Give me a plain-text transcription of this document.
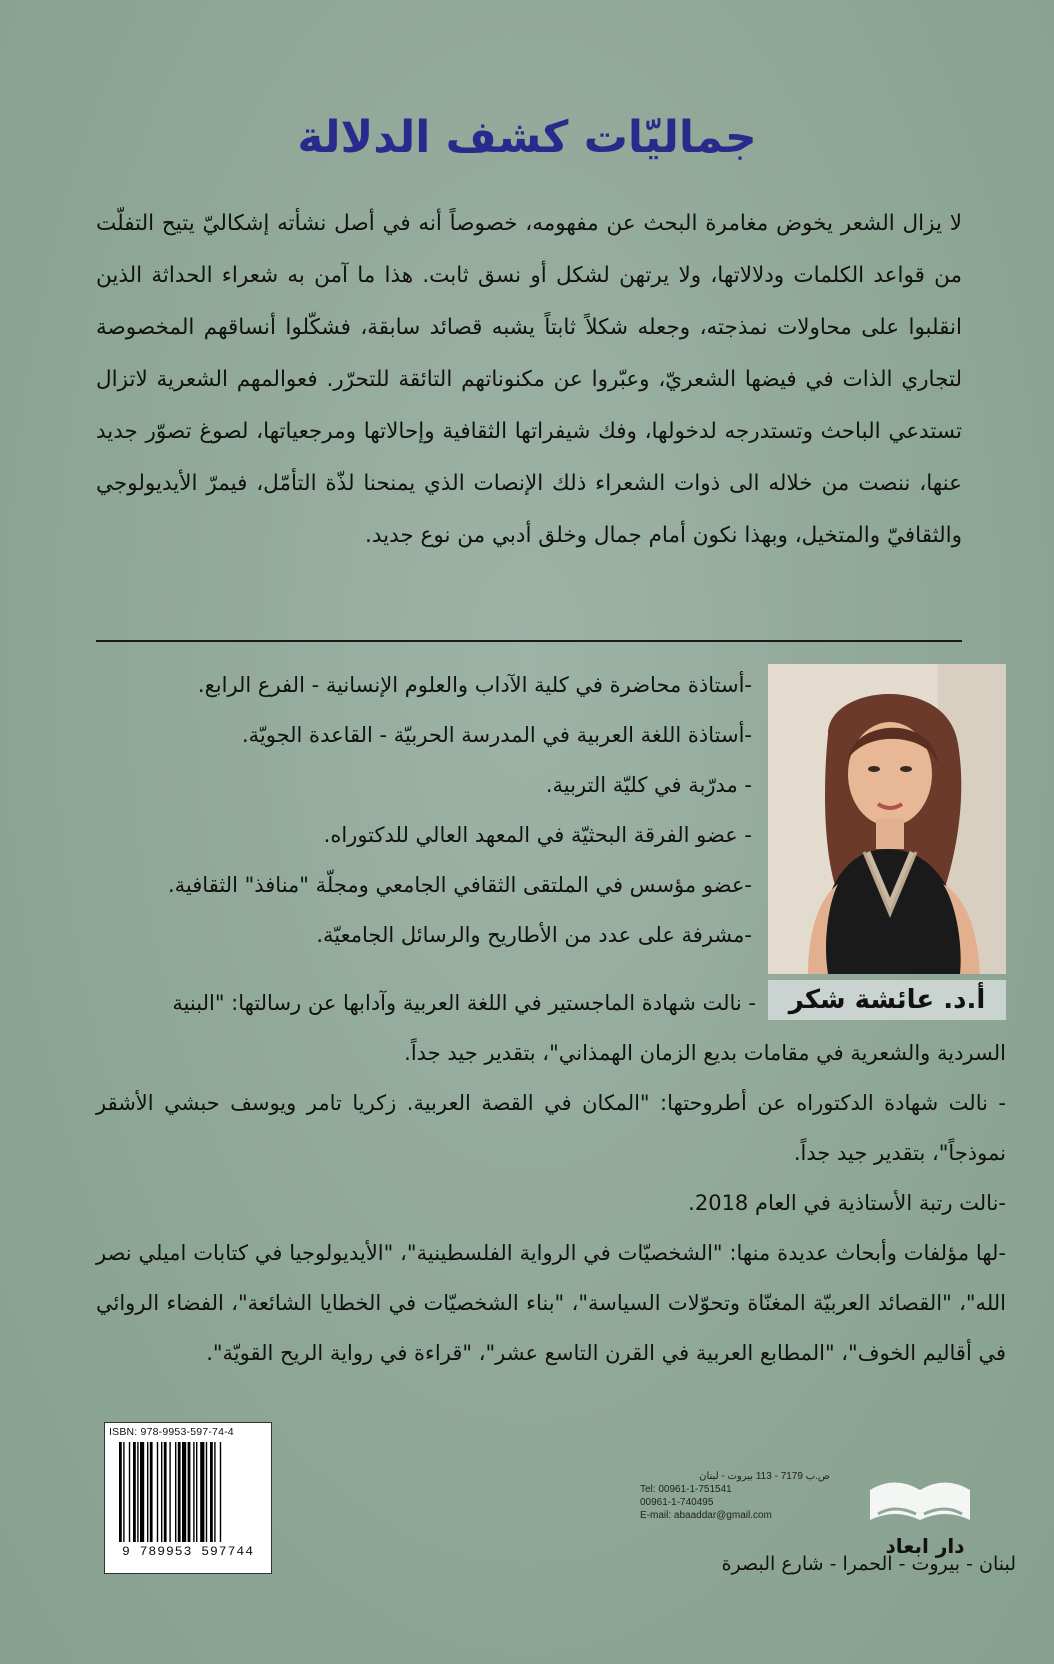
جماليّات كشف الدلالة
لا يزال الشعر يخوض مغامرة البحث عن مفهومه، خصوصاً أنه في أصل نشأته إشكاليّ يتيح التفلّت من قواعد الكلمات ودلالاتها، ولا يرتهن لشكل أو نسق ثابت. هذا ما آمن به شعراء الحداثة الذين انقلبوا على محاولات نمذجته، وجعله شكلاً ثابتاً يشبه قصائد سابقة، فشكّلوا أنساقهم المخصوصة لتجاري الذات في فيضها الشعريّ، وعبّروا عن مكنوناتهم التائقة للتحرّر. فعوالمهم الشعرية لاتزال تستدعي الباحث وتستدرجه لدخولها، وفك شيفراتها الثقافية وإحالاتها ومرجعياتها، لصوغ تصوّر جديد عنها، ننصت من خلاله الى ذوات الشعراء ذلك الإنصات الذي يمنحنا لذّة التأمّل، فيمرّ الأيديولوجي والثقافيّ والمتخيل، وبهذا نكون أمام جمال وخلق أدبي من نوع جديد.
-أستاذة محاضرة في كلية الآداب والعلوم الإنسانية - الفرع الرابع.
-أستاذة اللغة العربية في المدرسة الحربيّة - القاعدة الجويّة.
- مدرّبة في كليّة التربية.
- عضو الفرقة البحثيّة في المعهد العالي للدكتوراه.
-عضو مؤسس في الملتقى الثقافي الجامعي ومجلّة "منافذ" الثقافية.
-مشرفة على عدد من الأطاريح والرسائل الجامعيّة.
أ.د. عائشة شكر
- نالت شهادة الماجستير في اللغة العربية وآدابها عن رسالتها: "البنية

السردية والشعرية في مقامات بديع الزمان الهمذاني"، بتقدير جيد جداً.

- نالت شهادة الدكتوراه عن أطروحتها: "المكان في القصة العربية. زكريا تامر ويوسف حبشي الأشقر نموذجاً"، بتقدير جيد جداً.

-نالت رتبة الأستاذية في العام 2018.

-لها مؤلفات وأبحاث عديدة منها: "الشخصيّات في الرواية الفلسطينية"، "الأيديولوجيا في كتابات اميلي نصر الله"، "القصائد العربيّة المغنّاة وتحوّلات السياسة"، "بناء الشخصيّات في الخطايا الشائعة"، الفضاء الروائي في أقاليم الخوف"، "المطابع العربية في القرن التاسع عشر"، "قراءة في رواية الريح القويّة".

ISBN: 978-9953-597-74-4
9 789953 597744
ص.ب 7179 - 113 بيروت - لبنان
Tel: 00961-1-751541
00961-1-740495
E-mail: abaaddar@gmail.com
دار ابعاد
لبنان - بيروت - الحمرا - شارع البصرة
